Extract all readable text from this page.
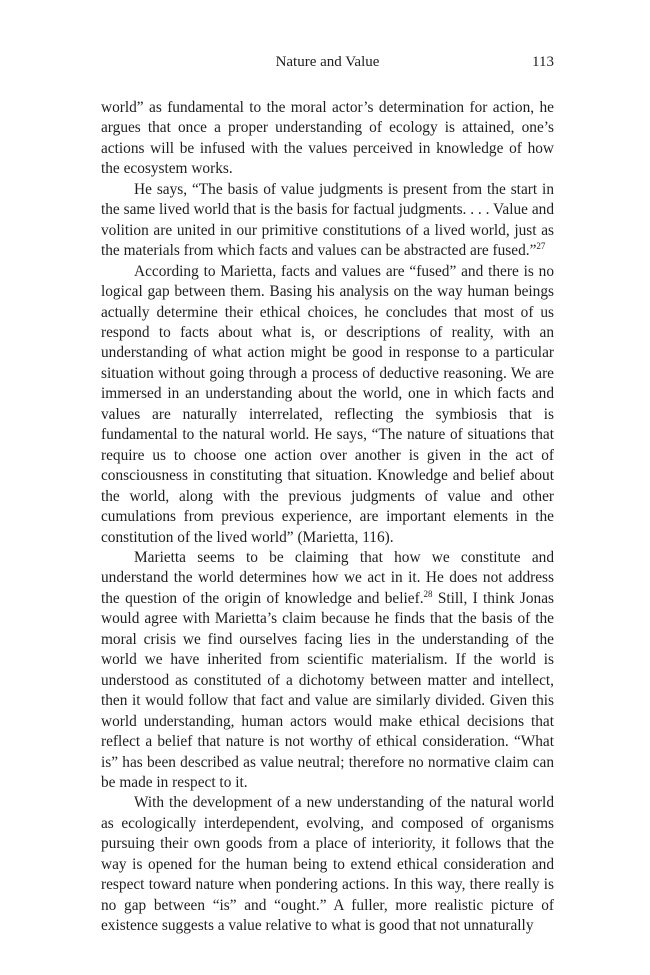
Nature and Value	113

world” as fundamental to the moral actor’s determination for action, he argues that once a proper understanding of ecology is attained, one’s actions will be infused with the values perceived in knowledge of how the ecosystem works.

He says, “The basis of value judgments is present from the start in the same lived world that is the basis for factual judgments. . . . Value and volition are united in our primitive constitutions of a lived world, just as the materials from which facts and values can be abstracted are fused.”$^{27}$

According to Marietta, facts and values are “fused” and there is no logical gap between them. Basing his analysis on the way human beings actually determine their ethical choices, he concludes that most of us respond to facts about what is, or descriptions of reality, with an understanding of what action might be good in response to a particular situation without going through a process of deductive reasoning. We are immersed in an understanding about the world, one in which facts and values are naturally interrelated, reflecting the symbiosis that is fundamental to the natural world. He says, “The nature of situations that require us to choose one action over another is given in the act of consciousness in constituting that situation. Knowledge and belief about the world, along with the previous judgments of value and other cumulations from previous experience, are important elements in the constitution of the lived world” (Marietta, 116).

Marietta seems to be claiming that how we constitute and understand the world determines how we act in it. He does not address the question of the origin of knowledge and belief.$^{28}$ Still, I think Jonas would agree with Marietta’s claim because he finds that the basis of the moral crisis we find ourselves facing lies in the understanding of the world we have inherited from scientific materialism. If the world is understood as constituted of a dichotomy between matter and intellect, then it would follow that fact and value are similarly divided. Given this world understanding, human actors would make ethical decisions that reflect a belief that nature is not worthy of ethical consideration. “What is” has been described as value neutral; therefore no normative claim can be made in respect to it.

With the development of a new understanding of the natural world as ecologically interdependent, evolving, and composed of organisms pursuing their own goods from a place of interiority, it follows that the way is opened for the human being to extend ethical consideration and respect toward nature when pondering actions. In this way, there really is no gap between “is” and “ought.” A fuller, more realistic picture of existence suggests a value relative to what is good that not unnaturally
